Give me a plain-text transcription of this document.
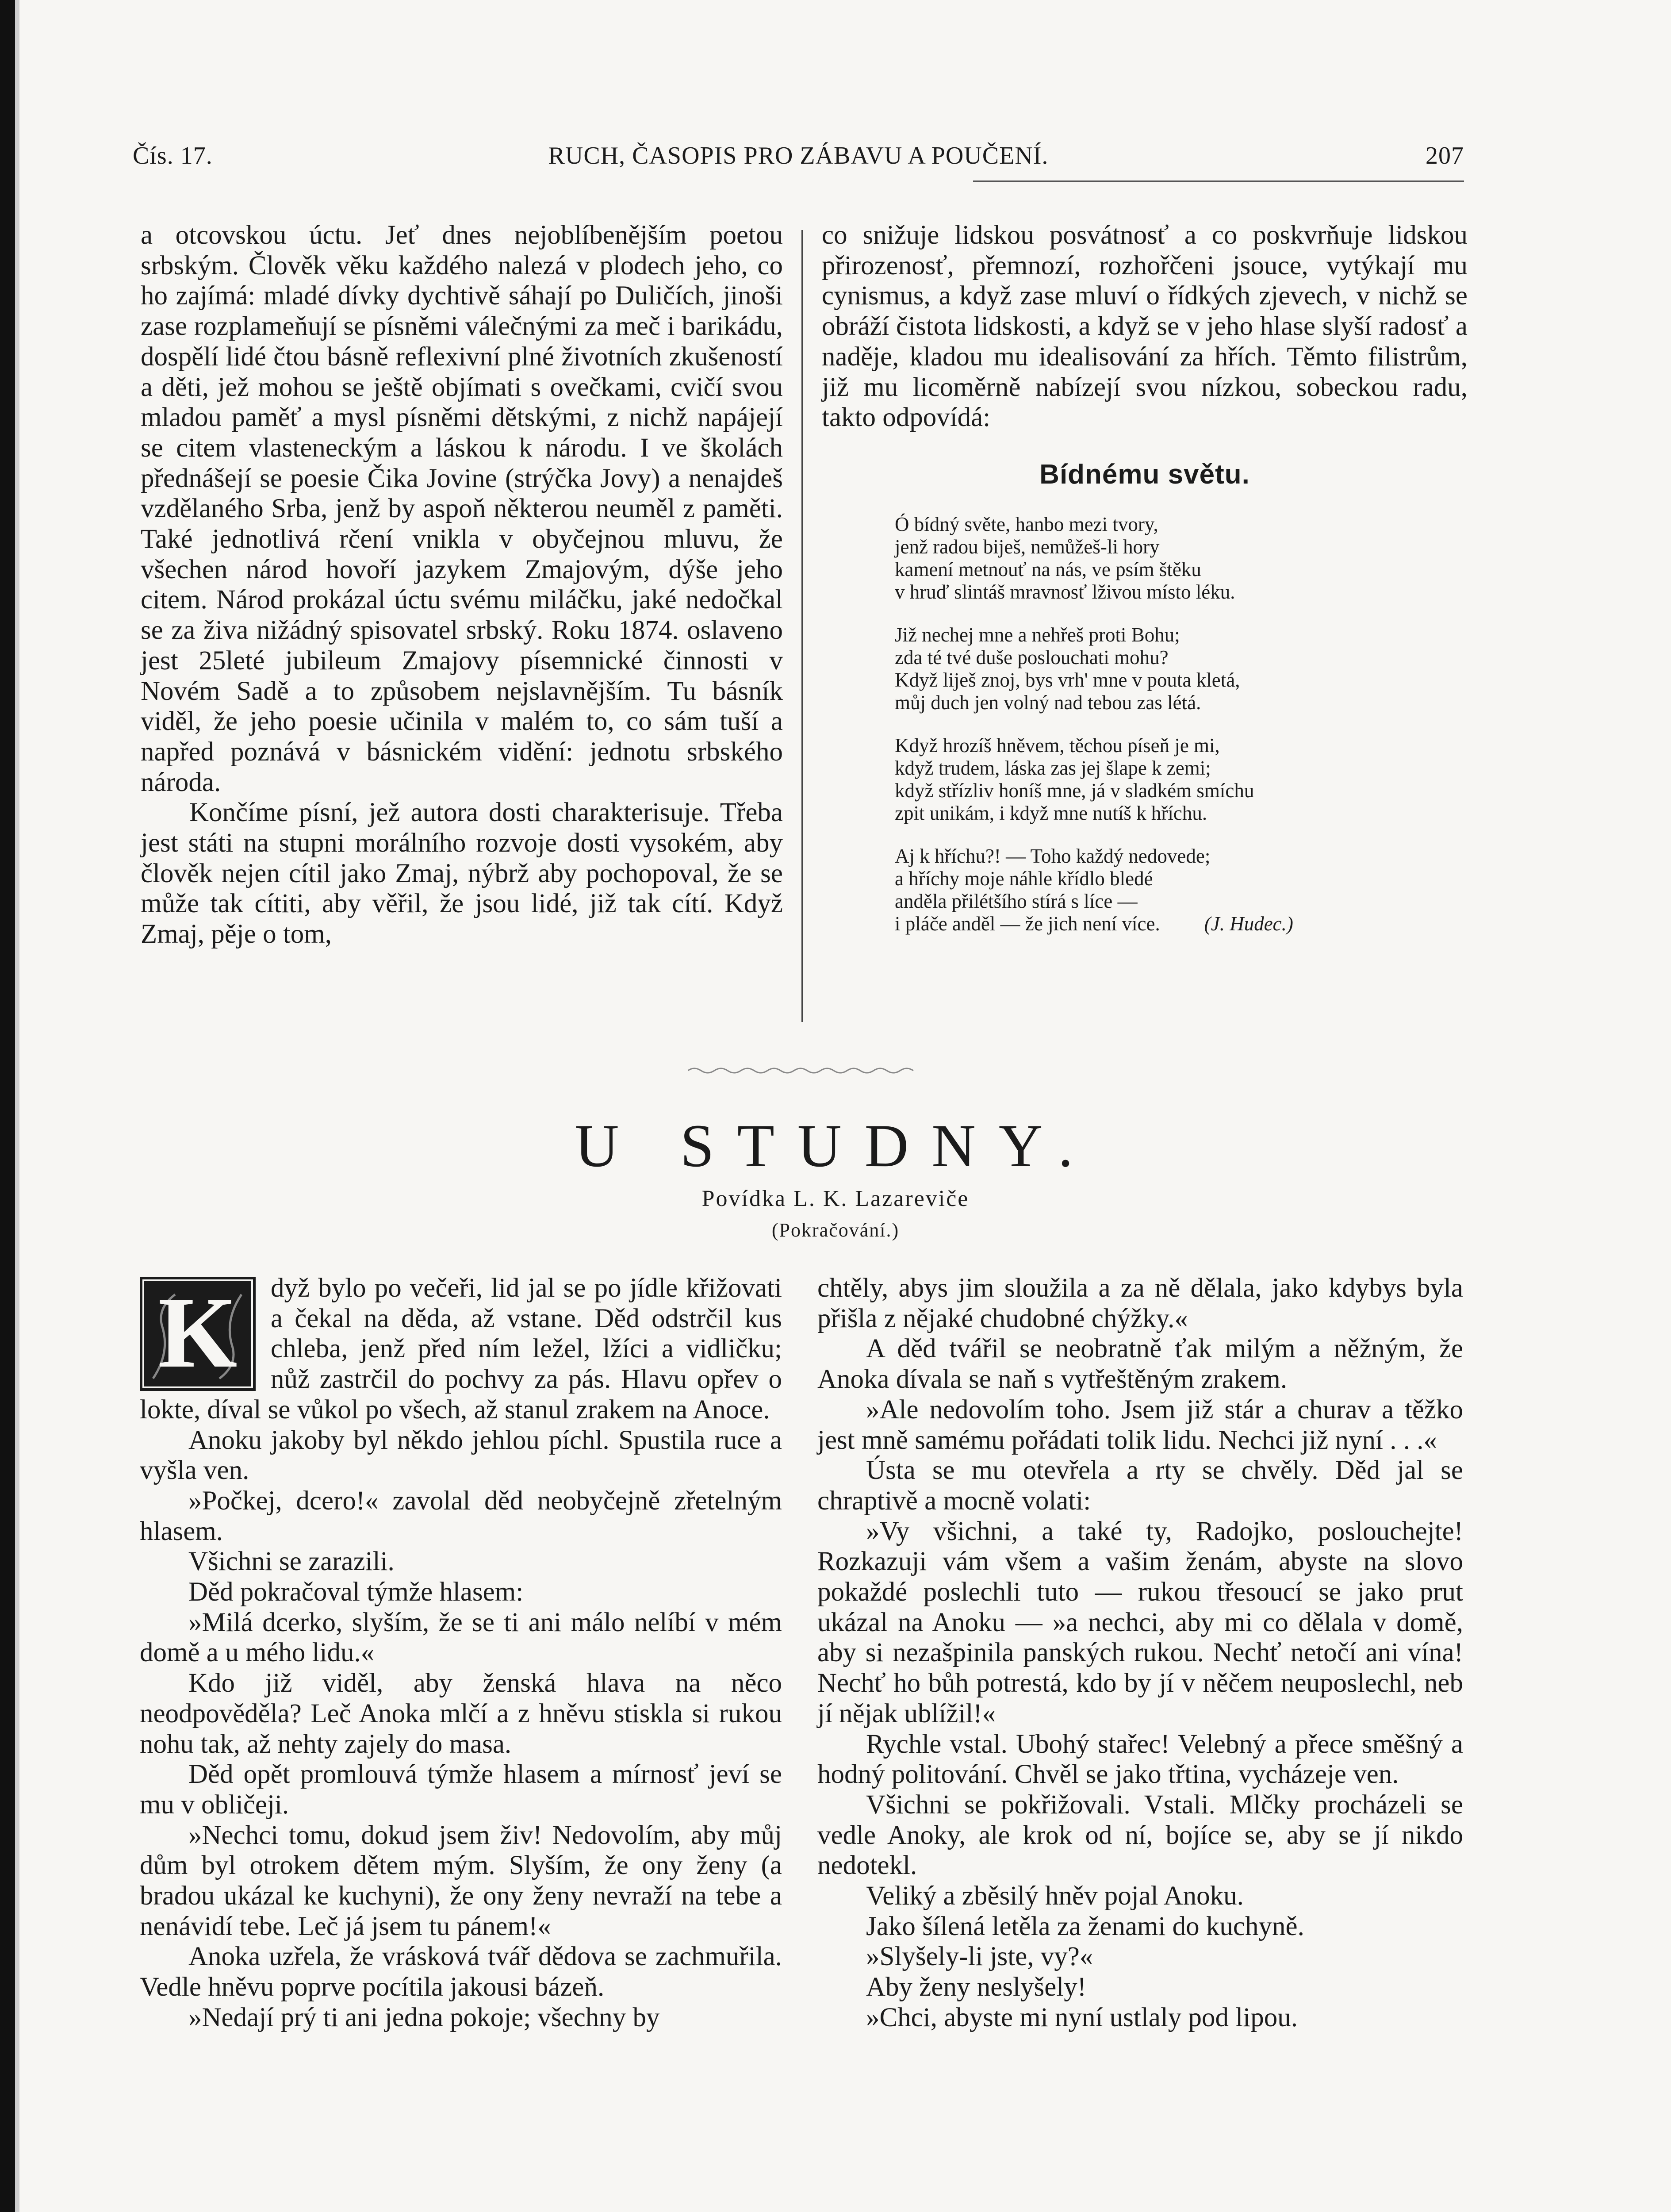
Čís. 17.	RUCH, ČASOPIS PRO ZÁBAVU A POUČENÍ.	207

a otcovskou úctu. Jeť dnes nejoblíbenějším poetou srbským. Člověk věku každého nalezá v plodech jeho, co ho zajímá: mladé dívky dychtivě sáhají po Duličích, jinoši zase rozplameňují se písněmi válečnými za meč i barikádu, dospělí lidé čtou básně reflexivní plné životních zkušeností a děti, jež mohou se ještě objímati s ovečkami, cvičí svou mladou paměť a mysl písněmi dětskými, z nichž napájejí se citem vlasteneckým a láskou k národu. I ve školách přednášejí se poesie Čika Jovine (strýčka Jovy) a nenajdeš vzdělaného Srba, jenž by aspoň některou neuměl z paměti. Také jednotlivá rčení vnikla v obyčejnou mluvu, že všechen národ hovoří jazykem Zmajovým, dýše jeho citem. Národ prokázal úctu svému miláčku, jaké nedočkal se za živa nižádný spisovatel srbský. Roku 1874. oslaveno jest 25leté jubileum Zmajovy písemnické činnosti v Novém Sadě a to způsobem nejslavnějším. Tu básník viděl, že jeho poesie učinila v malém to, co sám tuší a napřed poznává v básnickém vidění: jednotu srbského národa.

Končíme písní, jež autora dosti charakterisuje. Třeba jest státi na stupni morálního rozvoje dosti vysokém, aby člověk nejen cítil jako Zmaj, nýbrž aby pochopoval, že se může tak cítiti, aby věřil, že jsou lidé, již tak cítí. Když Zmaj, pěje o tom,

co snižuje lidskou posvátnosť a co poskvrňuje lidskou přirozenosť, přemnozí, rozhořčeni jsouce, vytýkají mu cynismus, a když zase mluví o řídkých zjevech, v nichž se obráží čistota lidskosti, a když se v jeho hlase slyší radosť a naděje, kladou mu idealisování za hřích. Těmto filistrům, již mu licoměrně nabízejí svou nízkou, sobeckou radu, takto odpovídá:

Bídnému světu.
Ó bídný světe, hanbo mezi tvory,
jenž radou biješ, nemůžeš-li hory
kamení metnouť na nás, ve psím štěku
v hruď slintáš mravnosť lživou místo léku.
Již nechej mne a nehřeš proti Bohu;
zda té tvé duše poslouchati mohu?
Když liješ znoj, bys vrh' mne v pouta kletá,
můj duch jen volný nad tebou zas létá.
Když hrozíš hněvem, těchou píseň je mi,
když trudem, láska zas jej šlape k zemi;
když střízliv honíš mne, já v sladkém smíchu
zpit unikám, i když mne nutíš k hříchu.
Aj k hříchu?! — Toho každý nedovede;
a hříchy moje náhle křídlo bledé
anděla přilétšího stírá s líce —
i pláče anděl — že jich není více. (J. Hudec.)
U STUDNY.
Povídka L. K. Lazareviče
(Pokračování.)

K	dyž bylo po večeři, lid jal se po jídle křižovati a čekal na děda, až vstane. Děd odstrčil kus chleba, jenž před ním ležel, lžíci a vidličku; nůž zastrčil do pochvy za pás. Hlavu opřev o lokte, díval se vůkol po všech, až stanul zrakem na Anoce.

Anoku jakoby byl někdo jehlou píchl. Spustila ruce a vyšla ven.

»Počkej, dcero!« zavolal děd neobyčejně zřetelným hlasem.

Všichni se zarazili.

Děd pokračoval týmže hlasem:

»Milá dcerko, slyším, že se ti ani málo nelíbí v mém domě a u mého lidu.«

Kdo již viděl, aby ženská hlava na něco neodpověděla? Leč Anoka mlčí a z hněvu stiskla si rukou nohu tak, až nehty zajely do masa.

Děd opět promlouvá týmže hlasem a mírnosť jeví se mu v obličeji.

»Nechci tomu, dokud jsem živ! Nedovolím, aby můj dům byl otrokem dětem mým. Slyším, že ony ženy (a bradou ukázal ke kuchyni), že ony ženy nevraží na tebe a nenávidí tebe. Leč já jsem tu pánem!«

Anoka uzřela, že vrásková tvář dědova se zachmuřila. Vedle hněvu poprve pocítila jakousi bázeň.

»Nedají prý ti ani jedna pokoje; všechny by

chtěly, abys jim sloužila a za ně dělala, jako kdybys byla přišla z nějaké chudobné chýžky.«

A děd tvářil se neobratně ťak milým a něžným, že Anoka dívala se naň s vytřeštěným zrakem.

»Ale nedovolím toho. Jsem již stár a churav a těžko jest mně samému pořádati tolik lidu. Nechci již nyní . . .«

Ústa se mu otevřela a rty se chvěly. Děd jal se chraptivě a mocně volati:

»Vy všichni, a také ty, Radojko, poslouchejte! Rozkazuji vám všem a vašim ženám, abyste na slovo pokaždé poslechli tuto — rukou třesoucí se jako prut ukázal na Anoku — »a nechci, aby mi co dělala v domě, aby si nezašpinila panských rukou. Nechť netočí ani vína! Nechť ho bůh potrestá, kdo by jí v něčem neuposlechl, neb jí nějak ublížil!«

Rychle vstal. Ubohý stařec! Velebný a přece směšný a hodný politování. Chvěl se jako třtina, vycházeje ven.

Všichni se pokřižovali. Vstali. Mlčky procházeli se vedle Anoky, ale krok od ní, bojíce se, aby se jí nikdo nedotekl.

Veliký a zběsilý hněv pojal Anoku.

Jako šílená letěla za ženami do kuchyně.

»Slyšely-li jste, vy?«

Aby ženy neslyšely!

»Chci, abyste mi nyní ustlaly pod lipou.
